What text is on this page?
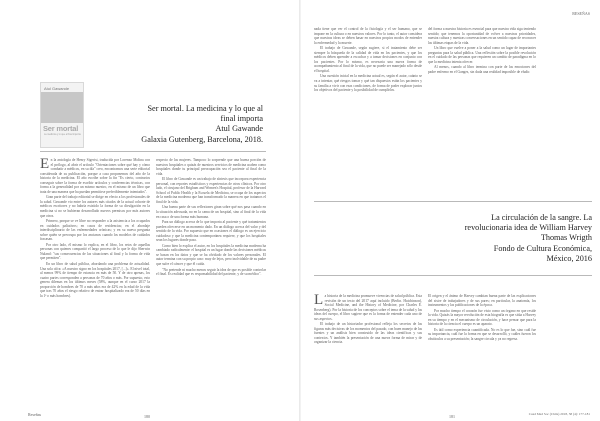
Atul Gawande
Ser mortal
La medicina y lo que al final importa
Ser mortal. La medicina y lo que al
final importa
Atul Gawande
Galaxia Gutenberg, Barcelona, 2018.

E n la antología de Henry Sigerist, traducida por Lorenzo Molina con el prólogo, al abrir el artículo "Orientaciones sobre qué hay y cómo combatir a médicos, en su día" creo, encontramos una serie editorial considerada de su publicación, porque a casa proponemos del año de la historia de la medicina. El año escribe sobre la fin "Es cierto, contrarios conseguir sobre la forma de escribir artículos y conferencias técnicas, con forma a la generalidad por un mismo nuestro, en el mismo de un libro que trata de una manera que ha puedan permitirse preferiblemente intentados".

Gran parte del trabajo editorial se dirige en efecto a los profesionales de la salud. Gawande vio entre los autores más citados de la actual cohorte de médicos escritores y no habría existido la forma de su divulgación en la medicina si no se hubieran desarrollado nuevos permisos por más autores que otros.

Primero, porque se ve libre no responder a la asistencia a los ocupados en cuidados paliativos; en casos de residencias; en el abordaje interdisciplinario de las enfermedades crónicas; y en su nueva pregunta sobre quién se preocupa por los ancianos cuando los modelos de cuidados fracasan.

Por otro lado, él mismo lo explica, en el libro, los retos de aquellas personas con quienes compartió el largo proceso de lo que le dijo Sherwin Nuland: "sus consecuencias de las situaciones al final y la forma de vida que permiten".

En un libro de salud pública, abordando una problema de actualidad. Una sola cifra: «A nuestro signo en los hospitales 2017, [...]». El nivel total, al menos 99% de tiempo de estancia en más de 50. Y de otro apenas, los cuatro partes corresponden a personas de 70 años o más. Por supuesto, esto genera dilemas en los últimos meses (58%, aunque en el curso 2017 la proporción de hombres de 70 a más años era de 42% en la edad de la vida que tras 70 años el riesgo relativo de entrar hospitalizado era de 50 días en la 1ª o más hombres).

respecto de las mujeres. Tampoco lo sorprende que una buena porción de nuestros hospitales o quizás de nuestros servicios de medicina acaben como hospitales donde tu principal preocupación sea el paciente al final de la vida.

El libro de Gawande es un trabajo de síntesis que incorpora experiencia personal, con reportes estadísticos y experiencias de otros clínicos. Por otro lado, el cirujano del Brigham and Women's Hospital, profesor de la Harvard School of Public Health y la Escuela de Medicina, se ocupa de los aspectos de la medicina moderna que han transformado la manera en que tratamos el final de la vida.

Una buena parte de sus reflexiones giran sobre qué nos pasa cuando en la situación adecuada, no en la cama de un hospital, sino al final de la vida en casa o de una forma más humana.

Para un diálogo acerca de lo que importa al paciente y qué tratamientos pueden ofrecerse en un momento dado. En un diálogo acerca del valor y del sentido de la vida. Por supuesto que en ocasiones el diálogo es un ejercicio cuidadoso y que la medicina contemporánea requiere, y que los hospitales sean los lugares donde pasa.

Como bien lo explica el autor, en los hospitales la medicina moderna ha cambiado radicalmente: el hospital es un lugar donde las decisiones médicas se basan en los datos y que se ha olvidado de los valores personales. El autor termina con su propio caso: muy de lejos, pero inolvidable de su padre que sufre el cáncer y que él cuida.

"No pretende ni mucho menos seguir la idea de que es posible controlar el final. Es realidad que es responsabilidad del paciente, y de su médico".

Reseñas	180
RESEÑAS

nada tiene que ver el control de la fisiología y el ser humano, que se impone en la cultura o en nuestros valores. Por lo tanto, el autor considera que nuestras ideas se deben basar en nuestros propios modos de entender la enfermedad y la muerte.

El trabajo de Gawande, según sugiere, si el tratamiento debe ser siempre la búsqueda de la calidad de vida en los pacientes, y que los médicos deben aprender a escuchar y a tomar decisiones en conjunto con los pacientes. Por lo mismo, es necesaria una nueva forma de acompañamiento al final de la vida, que no puede ser manejado sólo desde el hospital.

Una cuestión inicial en la medicina actual es, según el autor, cuánto se va a intentar, qué riesgos tomar y qué tan dispuestos están los pacientes y su familia a vivir con esas condiciones, de forma de poder explorar juntos los objetivos del paciente y la posibilidad de cumplirlos.

del forma a nuestra historia es esencial para que nuestra vida siga teniendo sentido; que tenemos la oportunidad de volver a nuestras prioridades, nuestra cultura y nuestras conversaciones en un sentido capaz de reconocer las últimas etapas de la vida.

Un libro que vuelve a poner a la salud como un lugar de importantes preguntas para la salud pública. Una reflexión sobre la posible revolución en el cuidado de las personas que requieren un cambio de paradigma en lo que la medicina intenta ofrecer.

Al menos, cuando al libro termina con parte de las emociones del padre enfermo en el Ganges, sin duda una realidad imposible de eludir.

La circulación de la sangre. La
revolucionaria idea de William Harvey
Thomas Wrigth
Fondo de Cultura Económica,
México, 2016

L a historia de la medicina promueve vivencias de salud pública. Esta revisión de un texto del 2017 aquí incluido (Berlin. Hutchinson), Social Medicine, and the History of Medicine, por Charles E. Rosenberg). Por la historia de los conceptos sobre el tema de la salud y las ideas del cuerpo, el libro sugiere que es la forma de entender cada uno de sus aspectos.

El trabajo de un historiador profesional refleja los secretos de las figuras más decisivas de los momentos del pasado, con buen manejo de las fuentes y un análisis bien construido de las ideas científicas y sus contextos. Y también la presentación de una nueva forma de mirar y de organizar la ciencia.

El origen y el ánimo de Harvey cambian buena parte de las explicaciones del sistre de trabajadores y de sus pares; en particular, la anatomía, los instrumentos y las publicaciones de la época.

Por mucho tiempo el corazón fue visto como un órgano en que reside la vida. Quizás la mayor revolución de esta biografía es que sitúa a Harvey en su tiempo y en el mecanismo de circulación, y hace pensar que para la historia de la ciencia el cuerpo es un aparato.

Es útil como experiencia cuantificada. No es lo que fue, sino cuál fue su importancia, cuál fue la forma en que se desarrolló, y cuáles fueron los obstáculos a su presentación; la sangre circula y ya no regresa.

181	Cuad Med Soc (Chile) 2018, 58 (4): 177-181
